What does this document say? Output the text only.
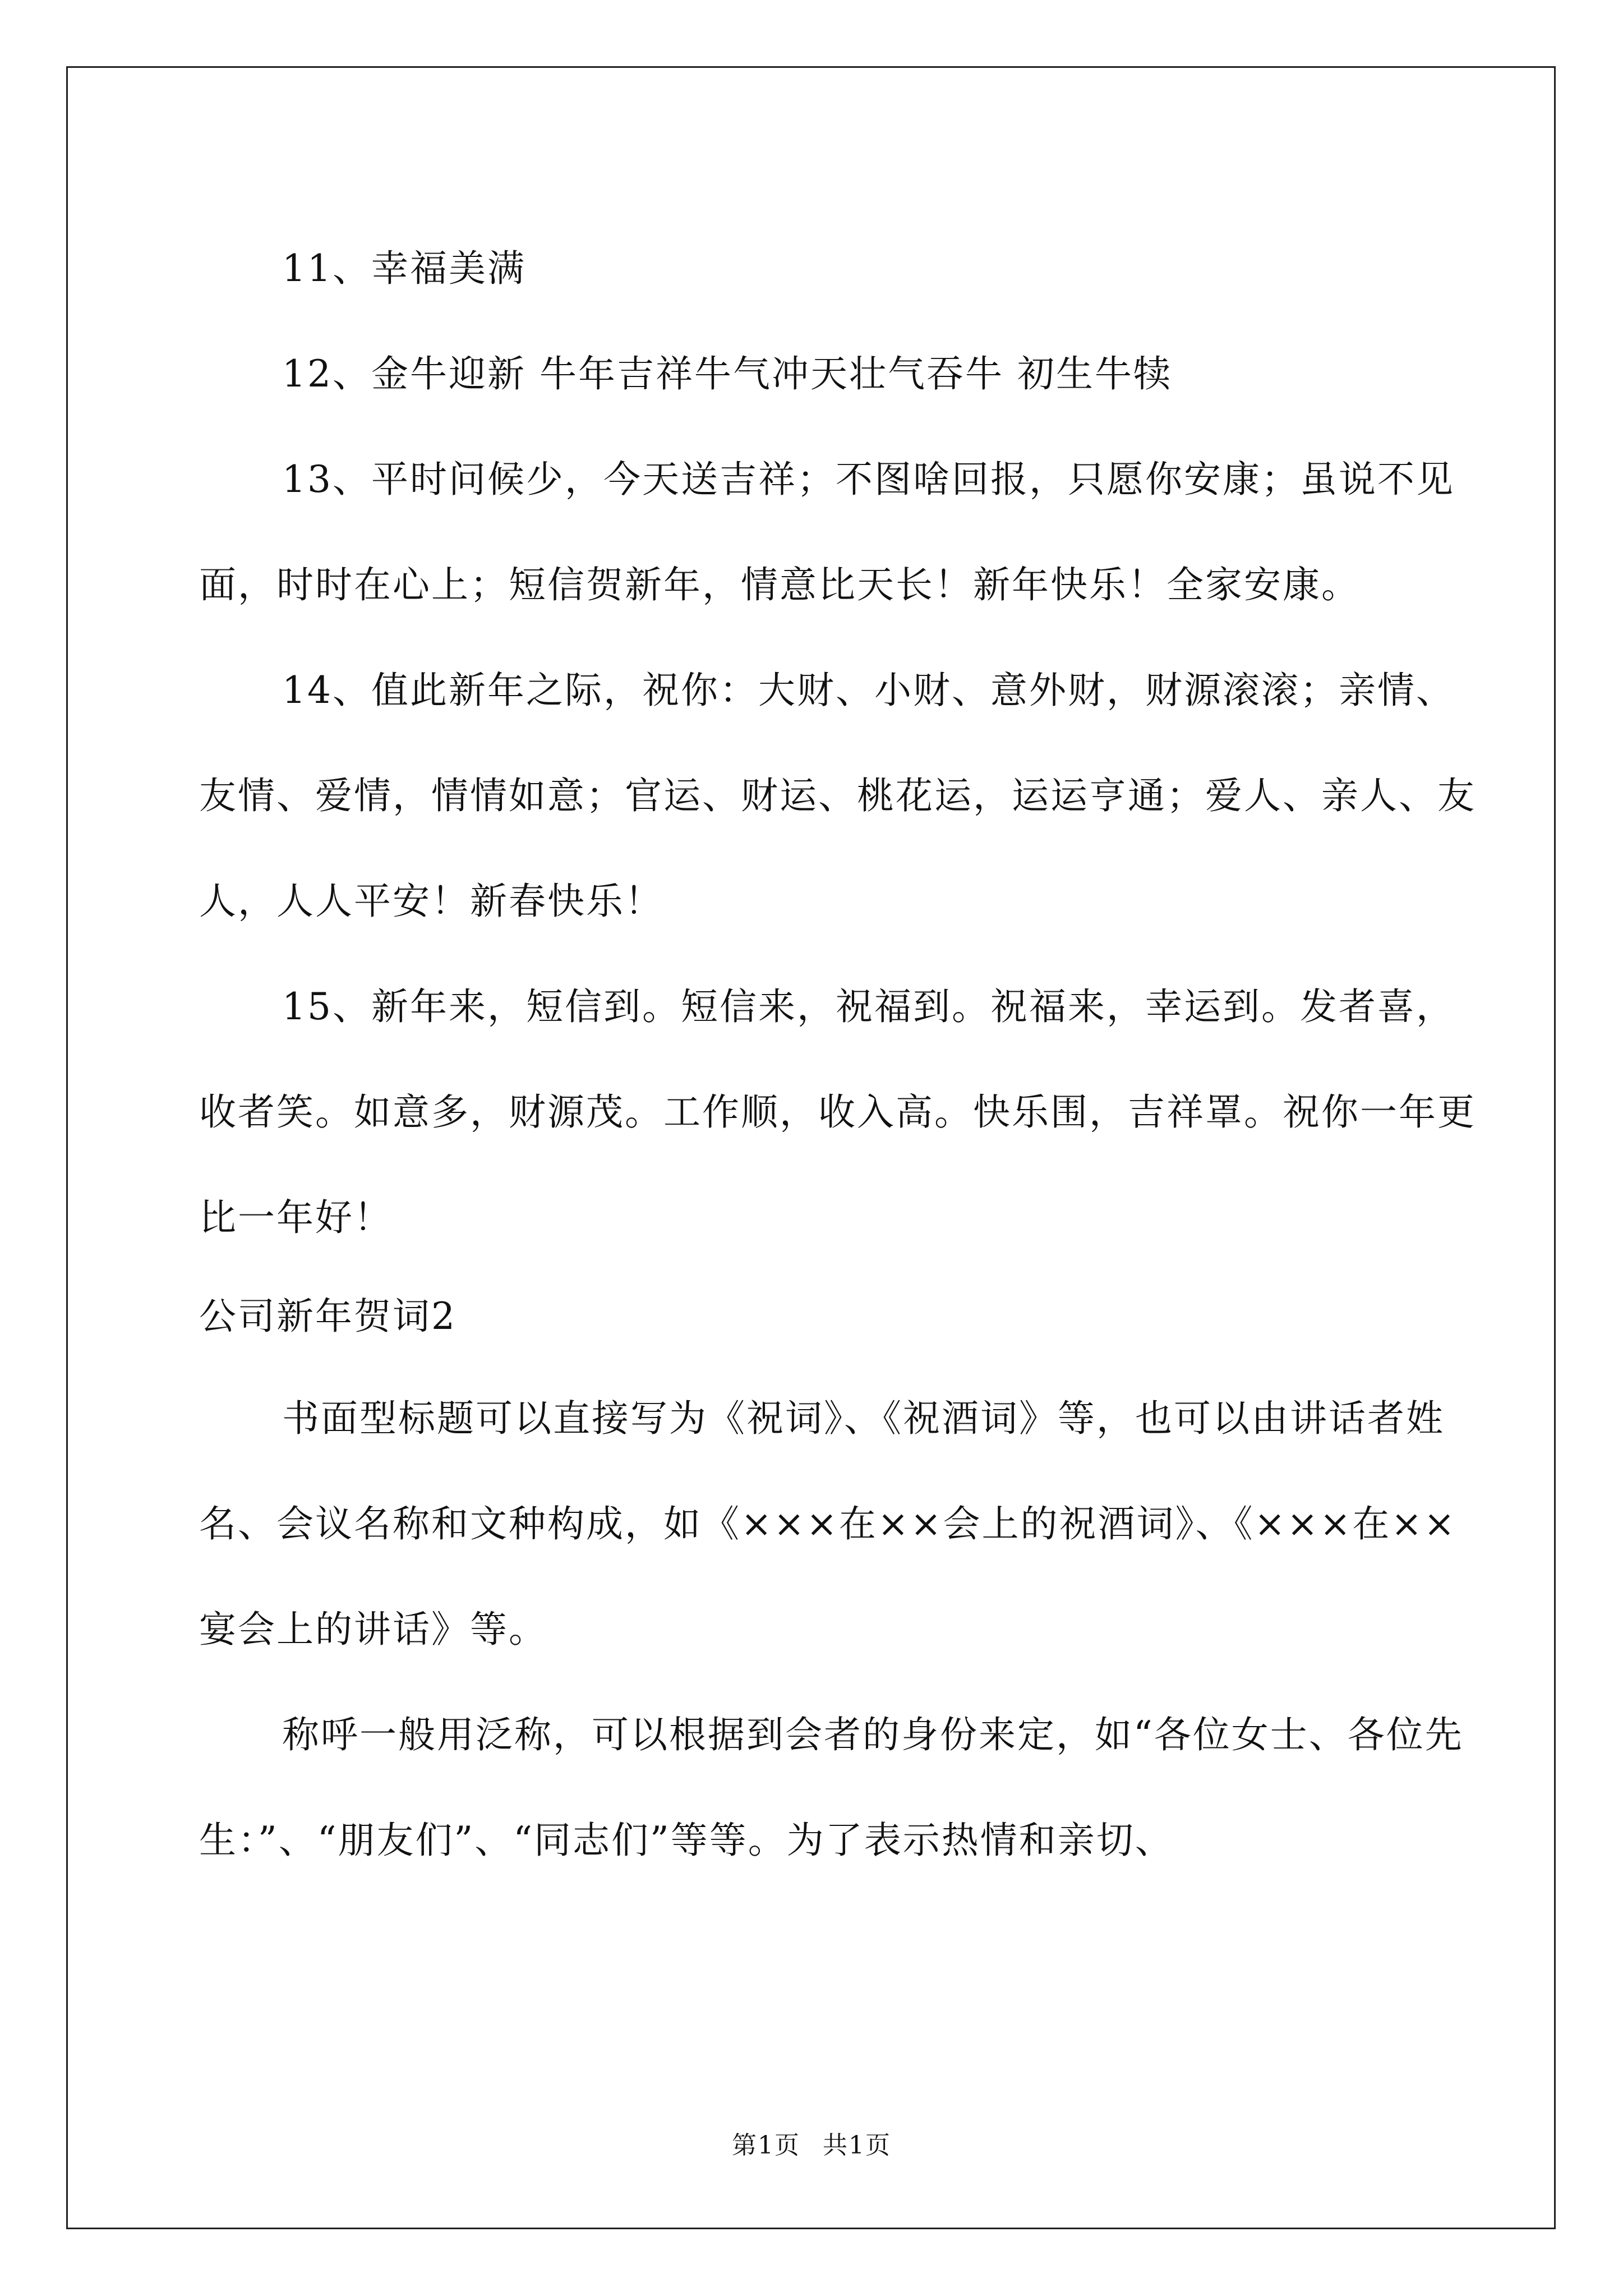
11、幸福美满

12、金牛迎新 牛年吉祥牛气冲天壮气吞牛 初生牛犊

13、平时问候少，今天送吉祥；不图啥回报，只愿你安康；虽说不见面，时时在心上；短信贺新年，情意比天长！新年快乐！全家安康。

14、值此新年之际，祝你：大财、小财、意外财，财源滚滚；亲情、友情、爱情，情情如意；官运、财运、桃花运，运运亨通；爱人、亲人、友人，人人平安！新春快乐！

15、新年来，短信到。短信来，祝福到。祝福来，幸运到。发者喜，收者笑。如意多，财源茂。工作顺，收入高。快乐围，吉祥罩。祝你一年更比一年好！

公司新年贺词2

书面型标题可以直接写为《祝词》、《祝酒词》等，也可以由讲话者姓名、会议名称和文种构成，如《×××在××会上的祝酒词》、《×××在××宴会上的讲话》等。

称呼一般用泛称，可以根据到会者的身份来定，如“各位女士、各位先生：”、“朋友们”、“同志们”等等。为了表示热情和亲切、

第1页 共1页
